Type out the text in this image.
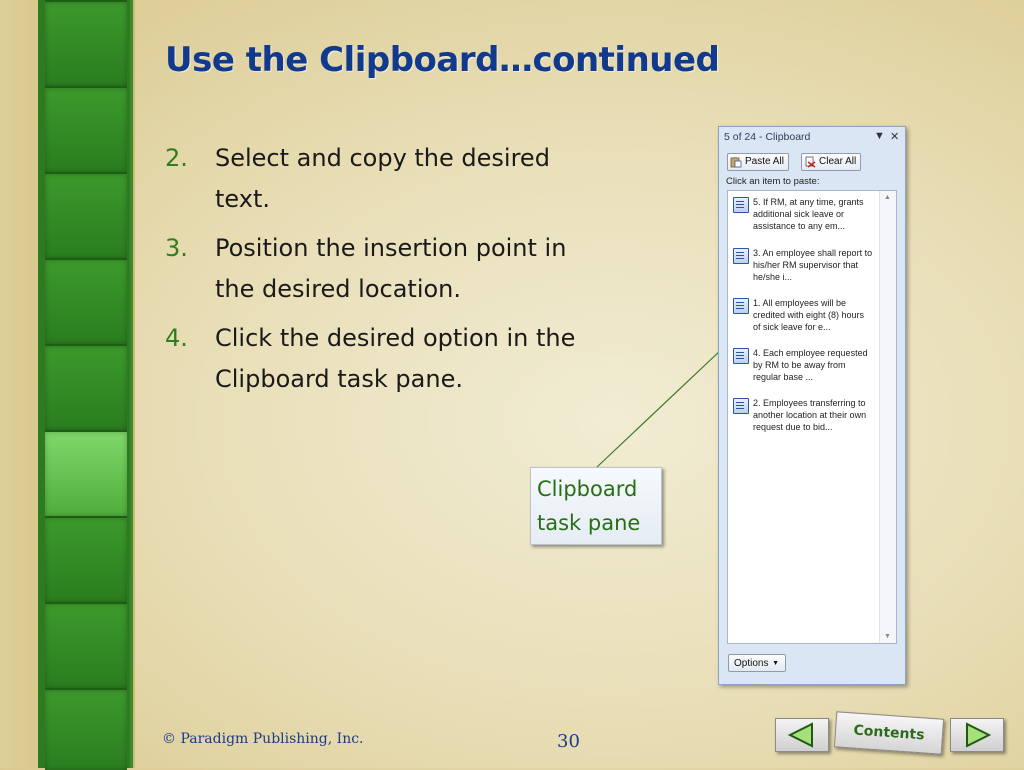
Use the Clipboard…continued
2.	Select and copy the desired text.
3.	Position the insertion point in the desired location.
4.	Click the desired option in the Clipboard task pane.
5 of 24 - Clipboard	▼ ✕
Paste All	Clear All
Click an item to paste:
5. If RM, at any time, grants additional sick leave or assistance to any em...
3. An employee shall report to his/her RM supervisor that he/she i...
1. All employees will be credited with eight (8) hours of sick leave for e...
4. Each employee requested by RM to be away from regular base ...
2. Employees transferring to another location at their own request due to bid...
▲
▼
Options ▼
Clipboard task pane
© Paradigm Publishing, Inc.	30	Contents
